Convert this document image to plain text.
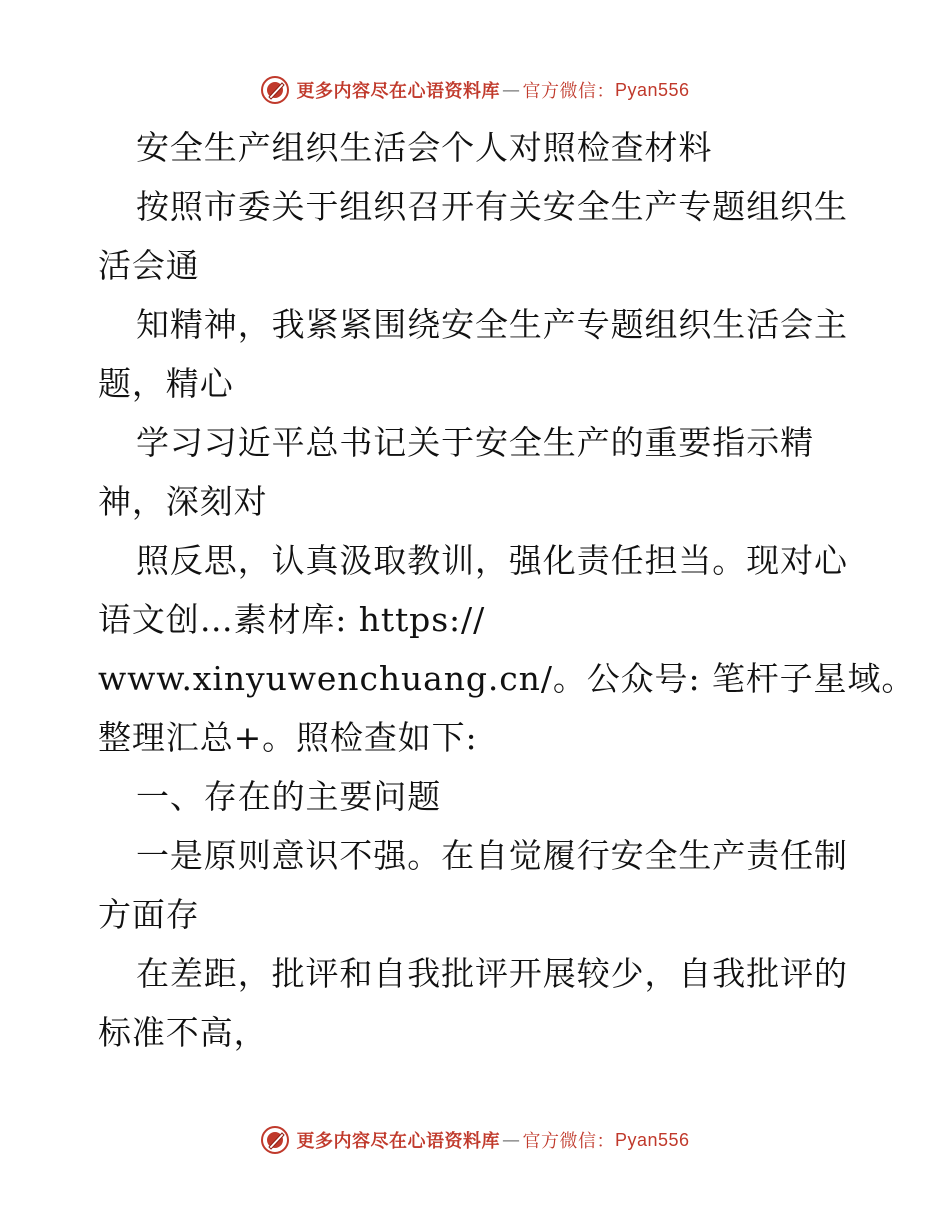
更多内容尽在心语资料库 — 官方微信： Pyan556
安全生产组织生活会个人对照检查材料
按照市委关于组织召开有关安全生产专题组织生
活会通
知精神，我紧紧围绕安全生产专题组织生活会主
题，精心
学习习近平总书记关于安全生产的重要指示精
神，深刻对
照反思，认真汲取教训，强化责任担当。现对心
语文创…素材库: https://
www.xinyuwenchuang.cn/。公众号: 笔杆子星域。
整理汇总+。照检查如下:
一、存在的主要问题
一是原则意识不强。在自觉履行安全生产责任制
方面存
在差距，批评和自我批评开展较少，自我批评的
标准不高，
更多内容尽在心语资料库 — 官方微信： Pyan556
